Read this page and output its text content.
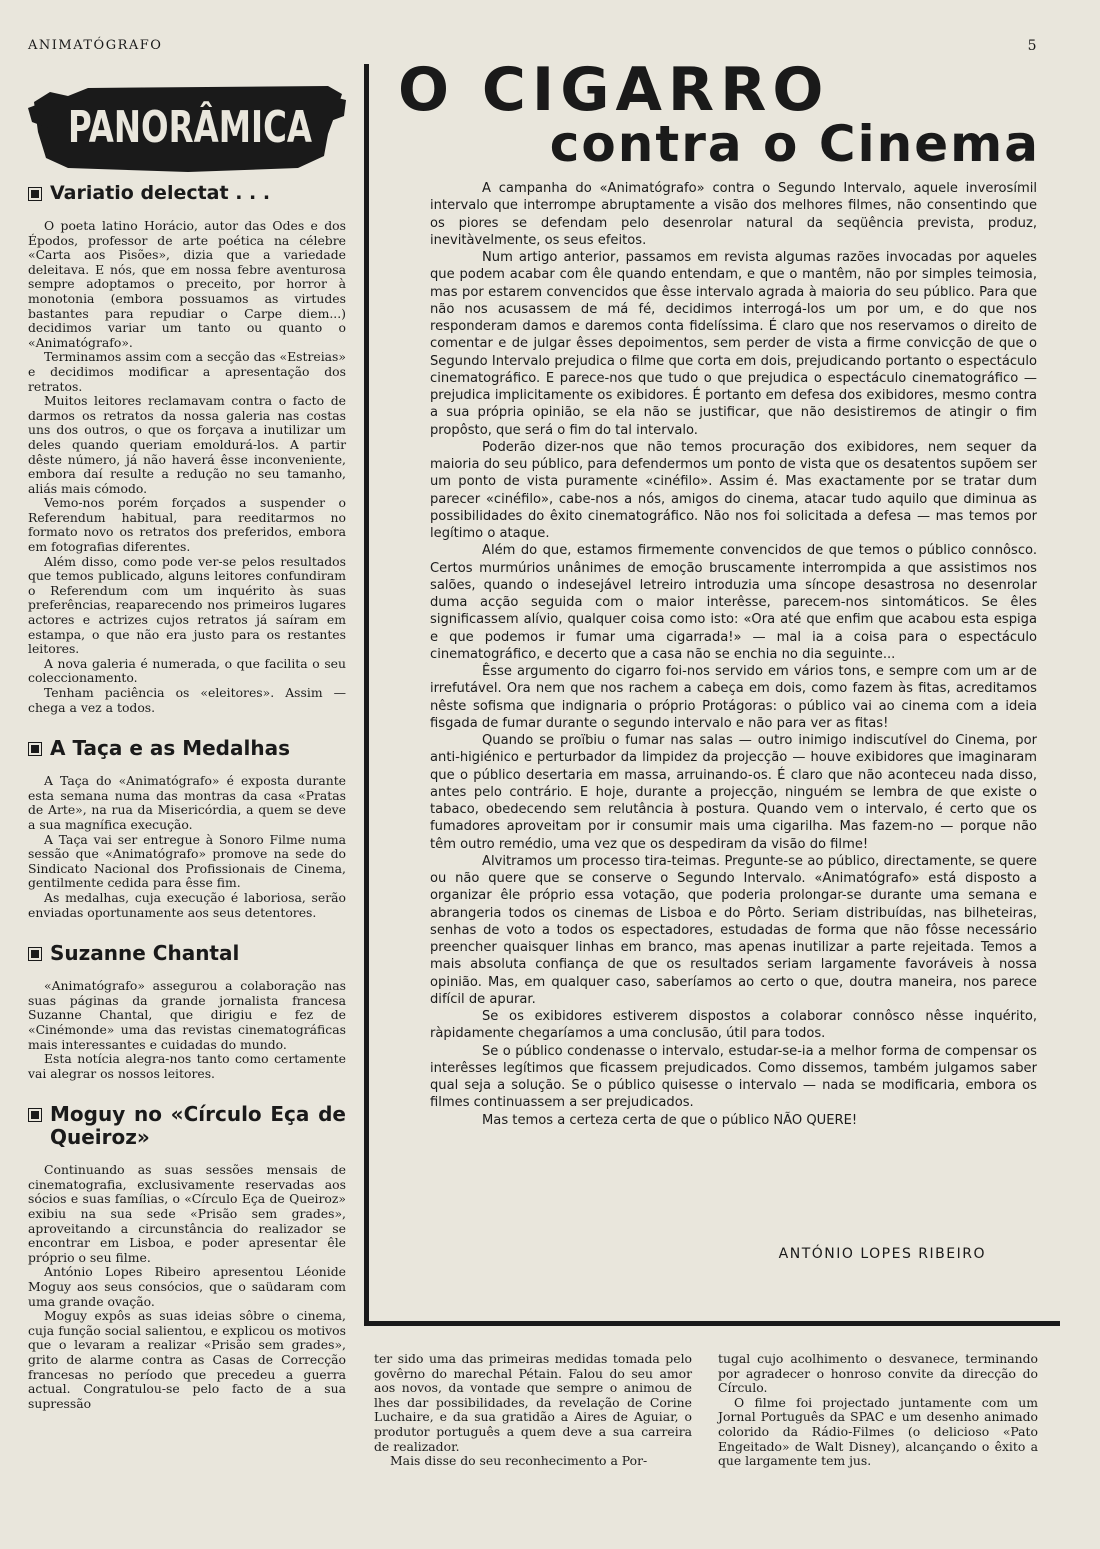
ANIMATÓGRAFO	5
PANORÂMICA
Variatio delectat . . .

O poeta latino Horácio, autor das Odes e dos Épodos, professor de arte poética na célebre «Carta aos Pisões», dizia que a variedade deleitava. E nós, que em nossa febre aventurosa sempre adoptamos o preceito, por horror à monotonia (embora possuamos as virtudes bastantes para repudiar o Carpe diem...) decidimos variar um tanto ou quanto o «Animatógrafo».

Terminamos assim com a secção das «Estreias» e decidimos modificar a apresentação dos retratos.

Muitos leitores reclamavam contra o facto de darmos os retratos da nossa galeria nas costas uns dos outros, o que os forçava a inutilizar um deles quando queriam emoldurá-los. A partir dêste número, já não haverá êsse inconveniente, embora daí resulte a redução no seu tamanho, aliás mais cómodo.

Vemo-nos porém forçados a suspender o Referendum habitual, para reeditarmos no formato novo os retratos dos preferidos, embora em fotografias diferentes.

Além disso, como pode ver-se pelos resultados que temos publicado, alguns leitores confundiram o Referendum com um inquérito às suas preferências, reaparecendo nos primeiros lugares actores e actrizes cujos retratos já saíram em estampa, o que não era justo para os restantes leitores.

A nova galeria é numerada, o que facilita o seu coleccionamento.

Tenham paciência os «eleitores». Assim — chega a vez a todos.

A Taça e as Medalhas

A Taça do «Animatógrafo» é exposta durante esta semana numa das montras da casa «Pratas de Arte», na rua da Misericórdia, a quem se deve a sua magnífica execução.

A Taça vai ser entregue à Sonoro Filme numa sessão que «Animatógrafo» promove na sede do Sindicato Nacional dos Profissionais de Cinema, gentilmente cedida para êsse fim.

As medalhas, cuja execução é laboriosa, serão enviadas oportunamente aos seus detentores.

Suzanne Chantal

«Animatógrafo» assegurou a colaboração nas suas páginas da grande jornalista francesa Suzanne Chantal, que dirigiu e fez de «Cinémonde» uma das revistas cinematográficas mais interessantes e cuidadas do mundo.

Esta notícia alegra-nos tanto como certamente vai alegrar os nossos leitores.

Moguy no «Círculo Eça de Queiroz»

Continuando as suas sessões mensais de cinematografia, exclusivamente reservadas aos sócios e suas famílias, o «Círculo Eça de Queiroz» exibiu na sua sede «Prisão sem grades», aproveitando a circunstância do realizador se encontrar em Lisboa, e poder apresentar êle próprio o seu filme.

António Lopes Ribeiro apresentou Léonide Moguy aos seus consócios, que o saüdaram com uma grande ovação.

Moguy expôs as suas ideias sôbre o cinema, cuja função social salientou, e explicou os motivos que o levaram a realizar «Prisão sem grades», grito de alarme contra as Casas de Correcção francesas no período que precedeu a guerra actual. Congratulou-se pelo facto de a sua supressão

O CIGARRO
contra o Cinema

A campanha do «Animatógrafo» contra o Segundo Intervalo, aquele inverosímil intervalo que interrompe abruptamente a visão dos melhores filmes, não consentindo que os piores se defendam pelo desenrolar natural da seqüência prevista, produz, inevitàvelmente, os seus efeitos.

Num artigo anterior, passamos em revista algumas razões invocadas por aqueles que podem acabar com êle quando entendam, e que o mantêm, não por simples teimosia, mas por estarem convencidos que êsse intervalo agrada à maioria do seu público. Para que não nos acusassem de má fé, decidimos interrogá-los um por um, e do que nos responderam damos e daremos conta fidelíssima. É claro que nos reservamos o direito de comentar e de julgar êsses depoimentos, sem perder de vista a firme convicção de que o Segundo Intervalo prejudica o filme que corta em dois, prejudicando portanto o espectáculo cinematográfico. E parece-nos que tudo o que prejudica o espectáculo cinematográfico — prejudica implicitamente os exibidores. É portanto em defesa dos exibidores, mesmo contra a sua própria opinião, se ela não se justificar, que não desistiremos de atingir o fim propôsto, que será o fim do tal intervalo.

Poderão dizer-nos que não temos procuração dos exibidores, nem sequer da maioria do seu público, para defendermos um ponto de vista que os desatentos supõem ser um ponto de vista puramente «cinéfilo». Assim é. Mas exactamente por se tratar dum parecer «cinéfilo», cabe-nos a nós, amigos do cinema, atacar tudo aquilo que diminua as possibilidades do êxito cinematográfico. Não nos foi solicitada a defesa — mas temos por legítimo o ataque.

Além do que, estamos firmemente convencidos de que temos o público connôsco. Certos murmúrios unânimes de emoção bruscamente interrompida a que assistimos nos salões, quando o indesejável letreiro introduzia uma síncope desastrosa no desenrolar duma acção seguida com o maior interêsse, parecem-nos sintomáticos. Se êles significassem alívio, qualquer coisa como isto: «Ora até que enfim que acabou esta espiga e que podemos ir fumar uma cigarrada!» — mal ia a coisa para o espectáculo cinematográfico, e decerto que a casa não se enchia no dia seguinte...

Êsse argumento do cigarro foi-nos servido em vários tons, e sempre com um ar de irrefutável. Ora nem que nos rachem a cabeça em dois, como fazem às fitas, acreditamos nêste sofisma que indignaria o próprio Protágoras: o público vai ao cinema com a ideia fisgada de fumar durante o segundo intervalo e não para ver as fitas!

Quando se proïbiu o fumar nas salas — outro inimigo indiscutível do Cinema, por anti-higiénico e perturbador da limpidez da projecção — houve exibidores que imaginaram que o público desertaria em massa, arruinando-os. É claro que não aconteceu nada disso, antes pelo contrário. E hoje, durante a projecção, ninguém se lembra de que existe o tabaco, obedecendo sem relutância à postura. Quando vem o intervalo, é certo que os fumadores aproveitam por ir consumir mais uma cigarilha. Mas fazem-no — porque não têm outro remédio, uma vez que os despediram da visão do filme!

Alvitramos um processo tira-teimas. Pregunte-se ao público, directamente, se quere ou não quere que se conserve o Segundo Intervalo. «Animatógrafo» está disposto a organizar êle próprio essa votação, que poderia prolongar-se durante uma semana e abrangeria todos os cinemas de Lisboa e do Pôrto. Seriam distribuídas, nas bilheteiras, senhas de voto a todos os espectadores, estudadas de forma que não fôsse necessário preencher quaisquer linhas em branco, mas apenas inutilizar a parte rejeitada. Temos a mais absoluta confiança de que os resultados seriam largamente favoráveis à nossa opinião. Mas, em qualquer caso, saberíamos ao certo o que, doutra maneira, nos parece difícil de apurar.

Se os exibidores estiverem dispostos a colaborar connôsco nêsse inquérito, ràpidamente chegaríamos a uma conclusão, útil para todos.

Se o público condenasse o intervalo, estudar-se-ia a melhor forma de compensar os interêsses legítimos que ficassem prejudicados. Como dissemos, também julgamos saber qual seja a solução. Se o público quisesse o intervalo — nada se modificaria, embora os filmes continuassem a ser prejudicados.

Mas temos a certeza certa de que o público NÃO QUERE!

ANTÓNIO LOPES RIBEIRO

ter sido uma das primeiras medidas tomada pelo govêrno do marechal Pétain. Falou do seu amor aos novos, da vontade que sempre o animou de lhes dar possibilidades, da revelação de Corine Luchaire, e da sua gratidão a Aires de Aguiar, o produtor português a quem deve a sua carreira de realizador.

Mais disse do seu reconhecimento a Por-

tugal cujo acolhimento o desvanece, terminando por agradecer o honroso convite da direcção do Círculo.

O filme foi projectado juntamente com um Jornal Português da SPAC e um desenho animado colorido da Rádio-Filmes (o delicioso «Pato Engeitado» de Walt Disney), alcançando o êxito a que largamente tem jus.
